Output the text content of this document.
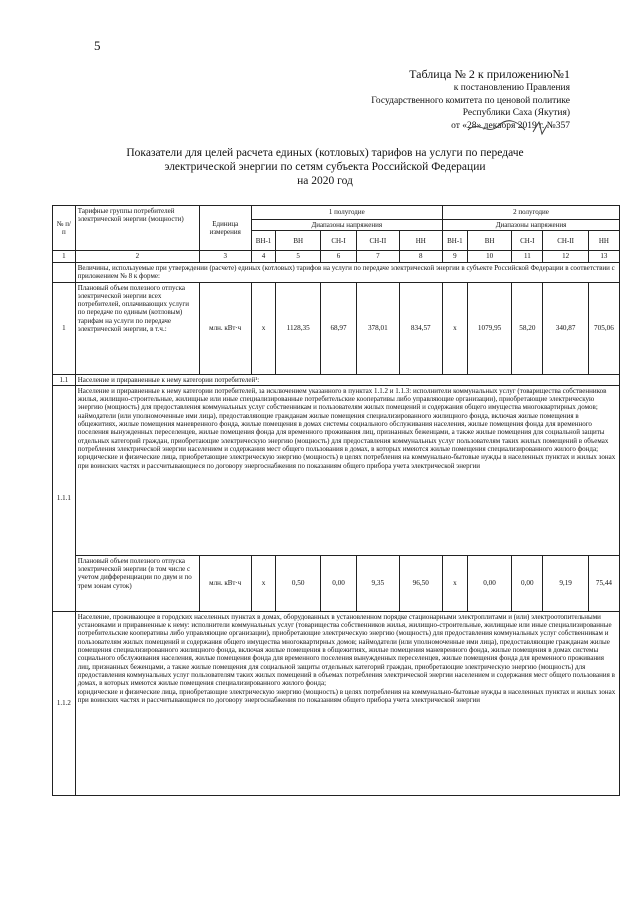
5
Таблица № 2 к приложению№1
к постановлению Правления
Государственного комитета по ценовой политике
Республики Саха (Якутия)
от «28» декабря 2019 г. №357
Показатели для целей расчета единых (котловых) тарифов на услуги по передаче
электрической энергии по сетям субъекта Российской Федерации
на 2020 год
№ п/п	Тарифные группы потребителей электрической энергии (мощности)	Единица измерения	1 полугодие					2 полугодие				
			Диапазоны напряжения					Диапазоны напряжения				
			ВН-1	ВН	СН-I	СН-II	НН	ВН-1	ВН	СН-I	СН-II	НН
1	2	3	4	5	6	7	8	9	10	11	12	13
	Величины, используемые при утверждении (расчете) единых (котловых) тарифов на услуги по передаче электрической энергии в субъекте Российской Федерации в соответствии с приложением № 8 к форме:											
1	Плановый объем полезного отпуска электрической энергии всех потребителей, оплачивающих услуги по передаче по единым (котловым) тарифам на услуги по передаче электрической энергии, в т.ч.:	млн. кВт·ч	х	1128,35	68,97	378,01	834,57	х	1079,95	58,20	340,87	705,06
1.1	Население и приравненные к нему категории потребителей¹:											
1.1.1	Население и приравненные к нему категории потребителей, за исключением указанного в пунктах 1.1.2 и 1.1.3: исполнители коммунальных услуг (товарищества собственников жилья, жилищно-строительные, жилищные или иные специализированные потребительские кооперативы либо управляющие организации), приобретающие электрическую энергию (мощность) для предоставления коммунальных услуг собственникам и пользователям жилых помещений и содержания общего имущества многоквартирных домов; наймодатели (или уполномоченные ими лица), предоставляющие гражданам жилые помещения специализированного жилищного фонда, включая жилые помещения в общежитиях, жилые помещения маневренного фонда, жилые помещения в домах системы социального обслуживания населения, жилые помещения фонда для временного поселения вынужденных переселенцев, жилые помещения фонда для временного проживания лиц, признанных беженцами, а также жилые помещения для социальной защиты отдельных категорий граждан, приобретающие электрическую энергию (мощность) для предоставления коммунальных услуг пользователям таких жилых помещений в объемах потребления электрической энергии населением и содержания мест общего пользования в домах, в которых имеются жилые помещения специализированного жилого фонда;
юридические и физические лица, приобретающие электрическую энергию (мощность) в целях потребления на коммунально-бытовые нужды в населенных пунктах и жилых зонах при воинских частях и рассчитывающиеся по договору энергоснабжения по показаниям общего прибора учета электрической энергии											
	Плановый объем полезного отпуска электрической энергии (в том числе с учетом дифференциации по двум и по трем зонам суток)	млн. кВт·ч	х	0,50	0,00	9,35	96,50	х	0,00	0,00	9,19	75,44
1.1.2	Население, проживающее в городских населенных пунктах в домах, оборудованных в установленном порядке стационарными электроплитами и (или) электроотопительными установками и приравненные к нему: исполнители коммунальных услуг (товарищества собственников жилья, жилищно-строительные, жилищные или иные специализированные потребительские кооперативы либо управляющие организации), приобретающие электрическую энергию (мощность) для предоставления коммунальных услуг собственникам и пользователям жилых помещений и содержания общего имущества многоквартирных домов; наймодатели (или уполномоченные ими лица), предоставляющие гражданам жилые помещения специализированного жилищного фонда, включая жилые помещения в общежитиях, жилые помещения маневренного фонда, жилые помещения в домах системы социального обслуживания населения, жилые помещения фонда для временного поселения вынужденных переселенцев, жилые помещения фонда для временного проживания лиц, признанных беженцами, а также жилые помещения для социальной защиты отдельных категорий граждан, приобретающие электрическую энергию (мощность) для предоставления коммунальных услуг пользователям таких жилых помещений в объемах потребления электрической энергии населением и содержания мест общего пользования в домах, в которых имеются жилые помещения специализированного жилого фонда;
юридические и физические лица, приобретающие электрическую энергию (мощность) в целях потребления на коммунально-бытовые нужды в населенных пунктах и жилых зонах при воинских частях и рассчитывающиеся по договору энергоснабжения по показаниям общего прибора учета электрической энергии											
